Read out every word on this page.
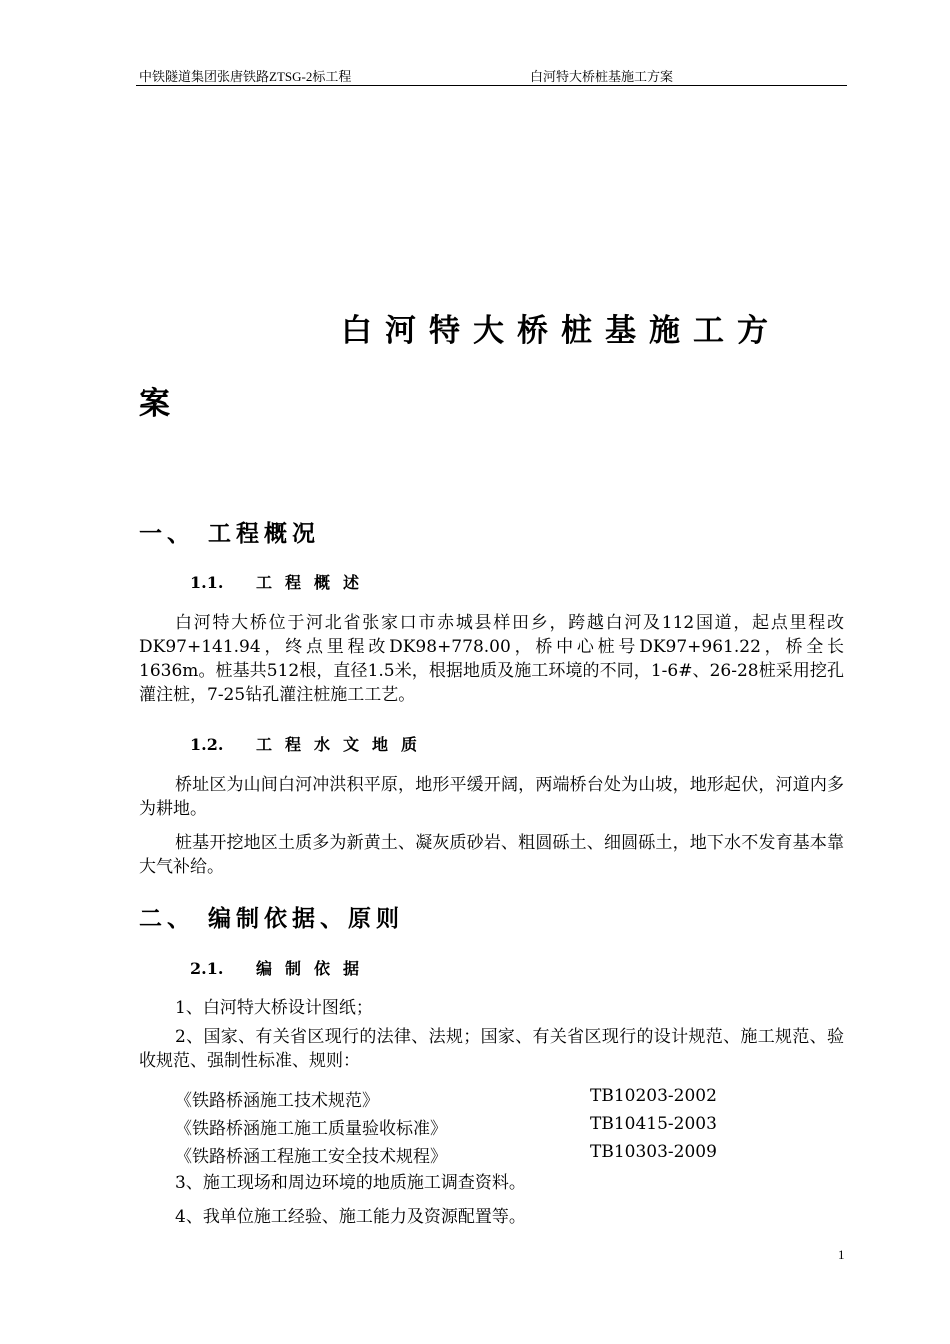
中铁隧道集团张唐铁路ZTSG-2标工程	白河特大桥桩基施工方案
白河特大桥桩基施工方
案
一、 工程概况
1.1. 工程概述
白河特大桥位于河北省张家口市赤城县样田乡，跨越白河及112国道，起点里程改DK97+141.94，终点里程改DK98+778.00，桥中心桩号DK97+961.22，桥全长1636m。桩基共512根，直径1.5米，根据地质及施工环境的不同，1-6#、26-28桩采用挖孔灌注桩，7-25钻孔灌注桩施工工艺。
1.2. 工程水文地质
桥址区为山间白河冲洪积平原，地形平缓开阔，两端桥台处为山坡，地形起伏，河道内多为耕地。
桩基开挖地区土质多为新黄土、凝灰质砂岩、粗圆砾土、细圆砾土，地下水不发育基本靠大气补给。
二、 编制依据、原则
2.1. 编制依据
1、白河特大桥设计图纸；
2、国家、有关省区现行的法律、法规；国家、有关省区现行的设计规范、施工规范、验收规范、强制性标准、规则：
《铁路桥涵施工技术规范》	TB10203-2002
《铁路桥涵施工施工质量验收标准》	TB10415-2003
《铁路桥涵工程施工安全技术规程》	TB10303-2009
3、施工现场和周边环境的地质施工调查资料。
4、我单位施工经验、施工能力及资源配置等。
1
